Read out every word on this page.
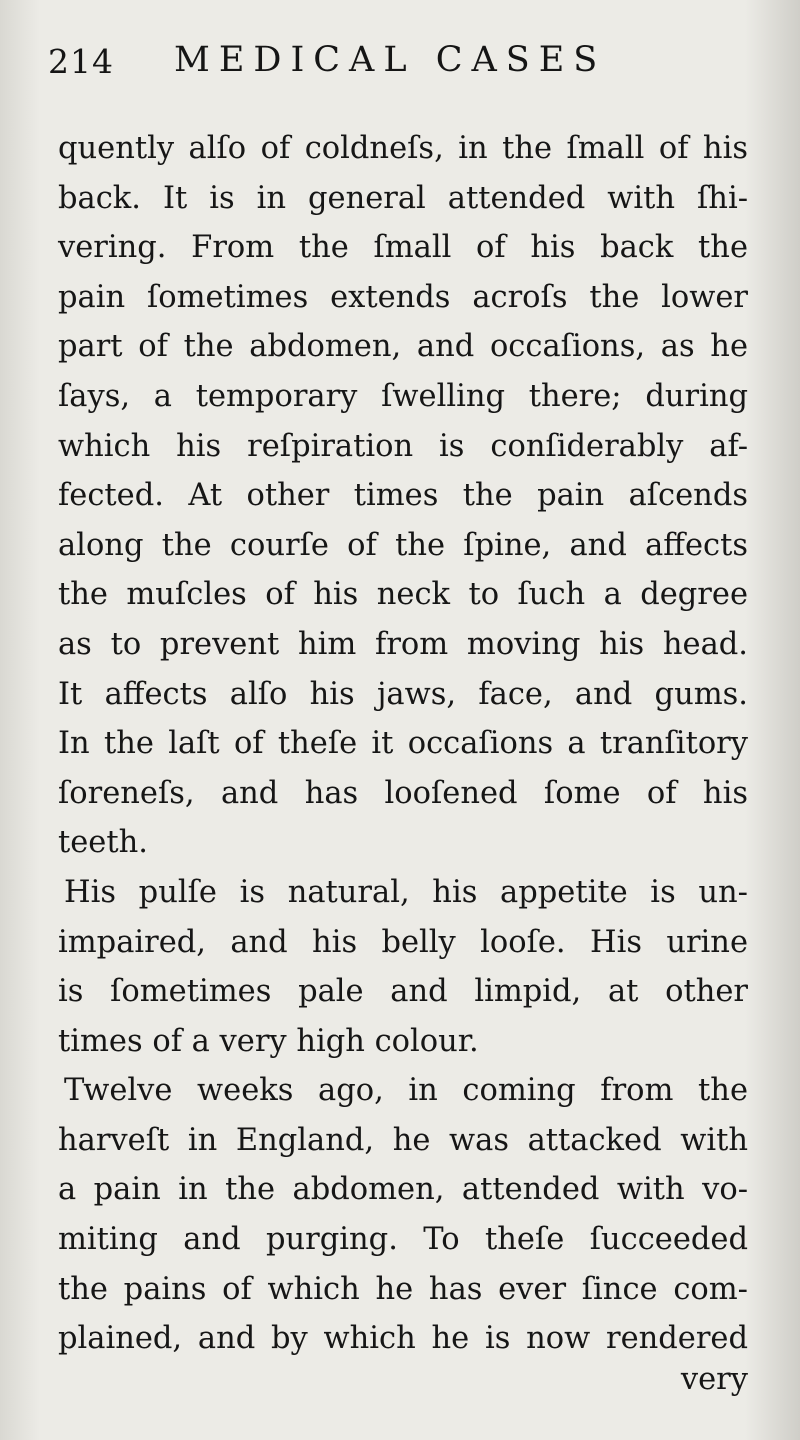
214 MEDICAL CASES
quently alſo of coldneſs, in the ſmall of his
back. It is in general attended with ſhi-
vering. From the ſmall of his back the
pain ſometimes extends acroſs the lower
part of the abdomen, and occaſions, as he
ſays, a temporary ſwelling there; during
which his reſpiration is conſiderably af-
fected. At other times the pain aſcends
along the courſe of the ſpine, and affects
the muſcles of his neck to ſuch a degree
as to prevent him from moving his head.
It affects alſo his jaws, face, and gums.
In the laſt of theſe it occaſions a tranſitory
ſoreneſs, and has looſened ſome of his
teeth.
His pulſe is natural, his appetite is un-
impaired, and his belly looſe. His urine
is ſometimes pale and limpid, at other
times of a very high colour.
Twelve weeks ago, in coming from the
harveſt in England, he was attacked with
a pain in the abdomen, attended with vo-
miting and purging. To theſe ſucceeded
the pains of which he has ever ſince com-
plained, and by which he is now rendered
very
